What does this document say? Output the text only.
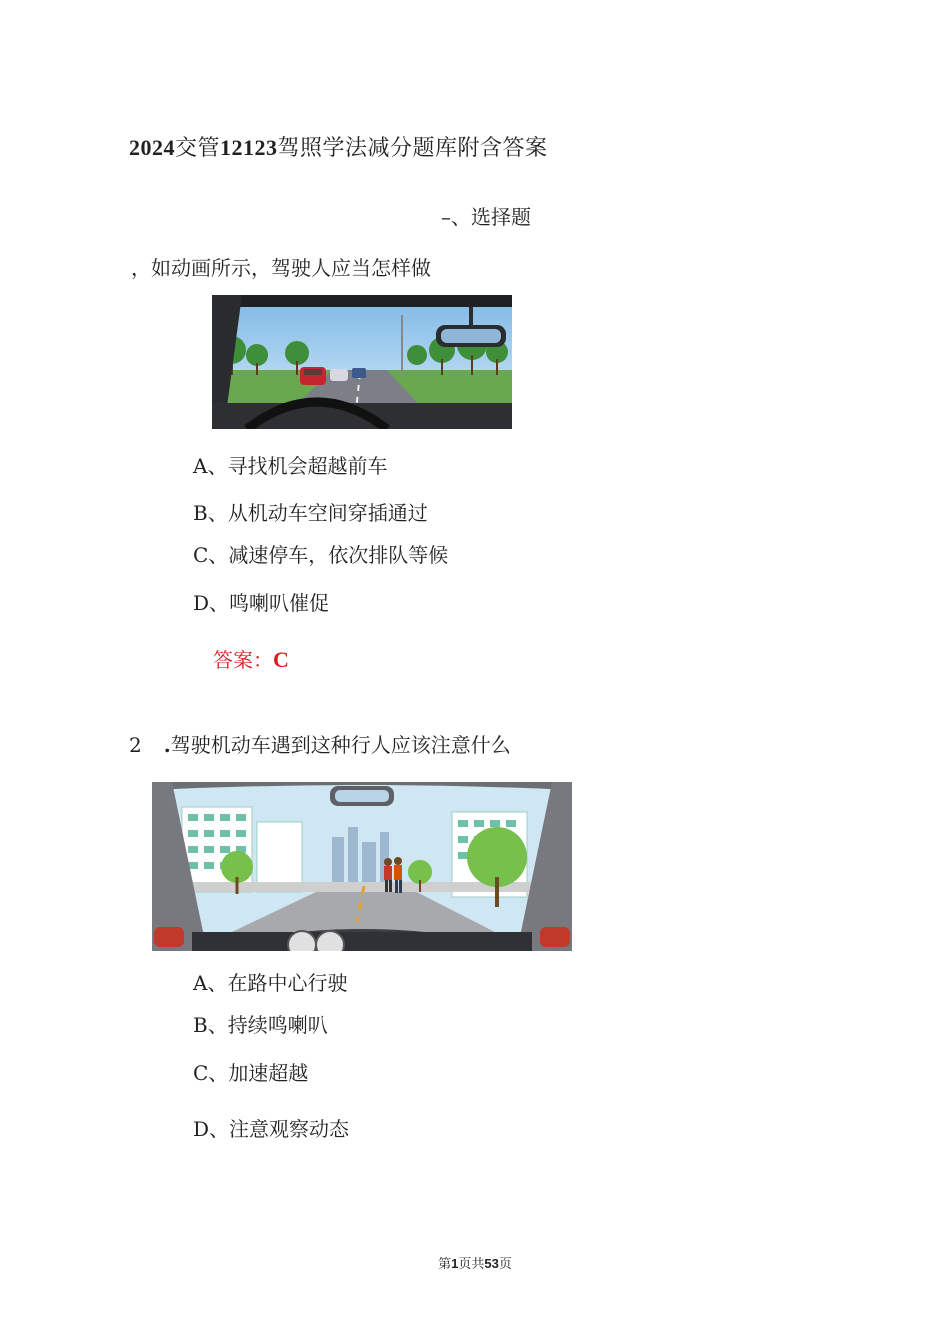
2024交管12123驾照学法减分题库附含答案
–、选择题
，如动画所示，驾驶人应当怎样做
A、寻找机会超越前车
B、从机动车空间穿插通过
C、减速停车，依次排队等候
D、鸣喇叭催促
答案：C
2 .驾驶机动车遇到这种行人应该注意什么
A、在路中心行驶
B、持续鸣喇叭
C、加速超越
D、注意观察动态
第1页共53页
